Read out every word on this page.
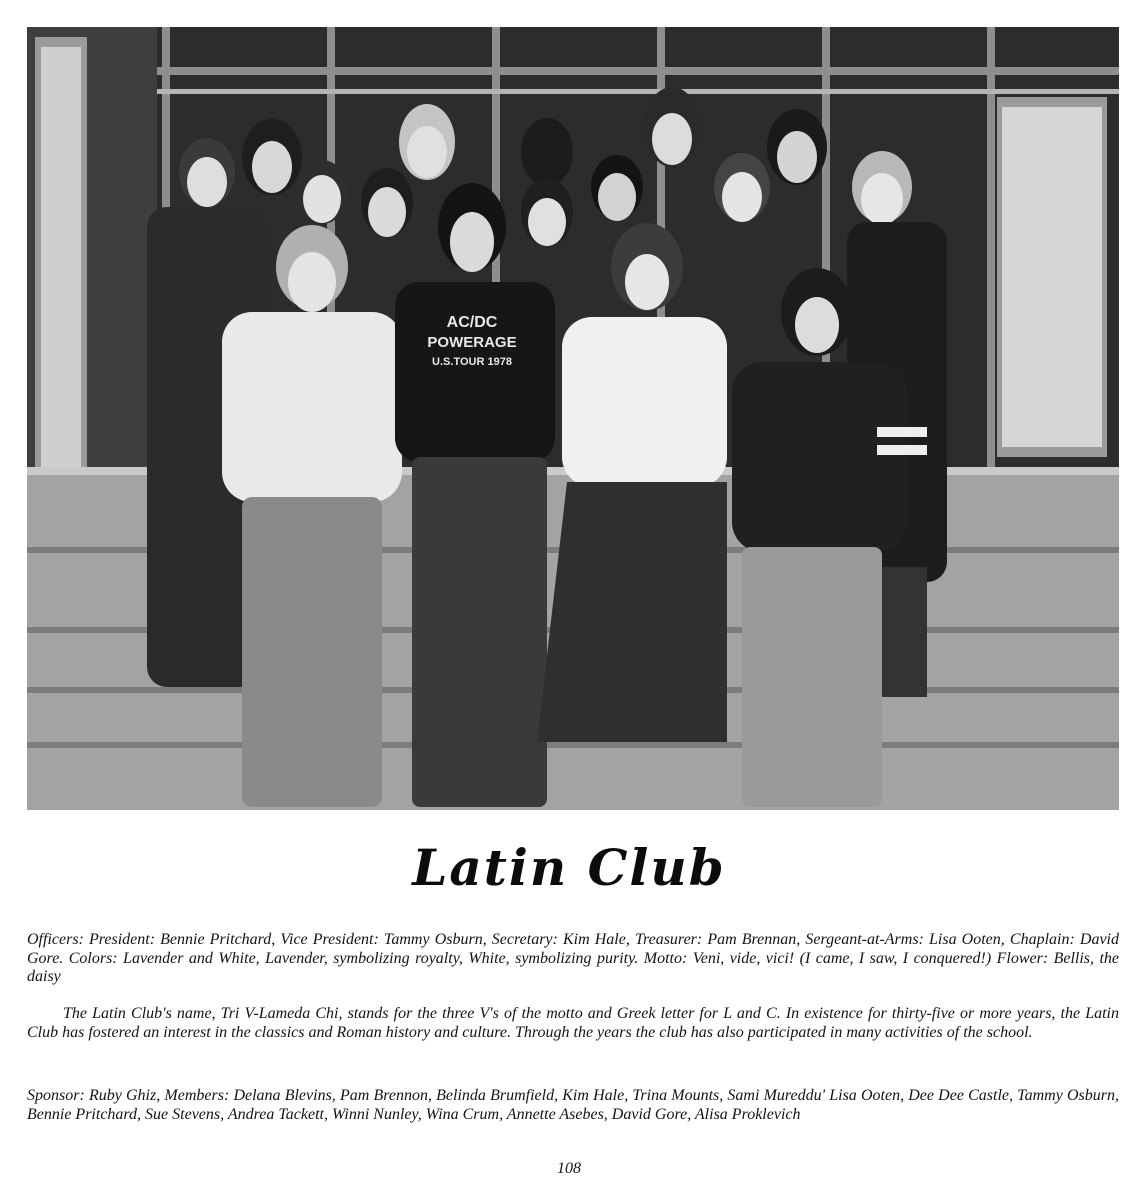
AC/DC
POWERAGE
U.S.TOUR 1978
Latin Club
Officers: President: Bennie Pritchard, Vice President: Tammy Osburn, Secretary: Kim Hale, Treasurer: Pam Brennan, Sergeant-at-Arms: Lisa Ooten, Chaplain: David Gore. Colors: Lavender and White, Lavender, symbolizing royalty, White, symbolizing purity. Motto: Veni, vide, vici! (I came, I saw, I conquered!) Flower: Bellis, the daisy
The Latin Club's name, Tri V-Lameda Chi, stands for the three V's of the motto and Greek letter for L and C. In existence for thirty-five or more years, the Latin Club has fostered an interest in the classics and Roman history and culture. Through the years the club has also participated in many activities of the school.
Sponsor: Ruby Ghiz, Members: Delana Blevins, Pam Brennon, Belinda Brumfield, Kim Hale, Trina Mounts, Sami Mureddu' Lisa Ooten, Dee Dee Castle, Tammy Osburn, Bennie Pritchard, Sue Stevens, Andrea Tackett, Winni Nunley, Wina Crum, Annette Asebes, David Gore, Alisa Proklevich
108
